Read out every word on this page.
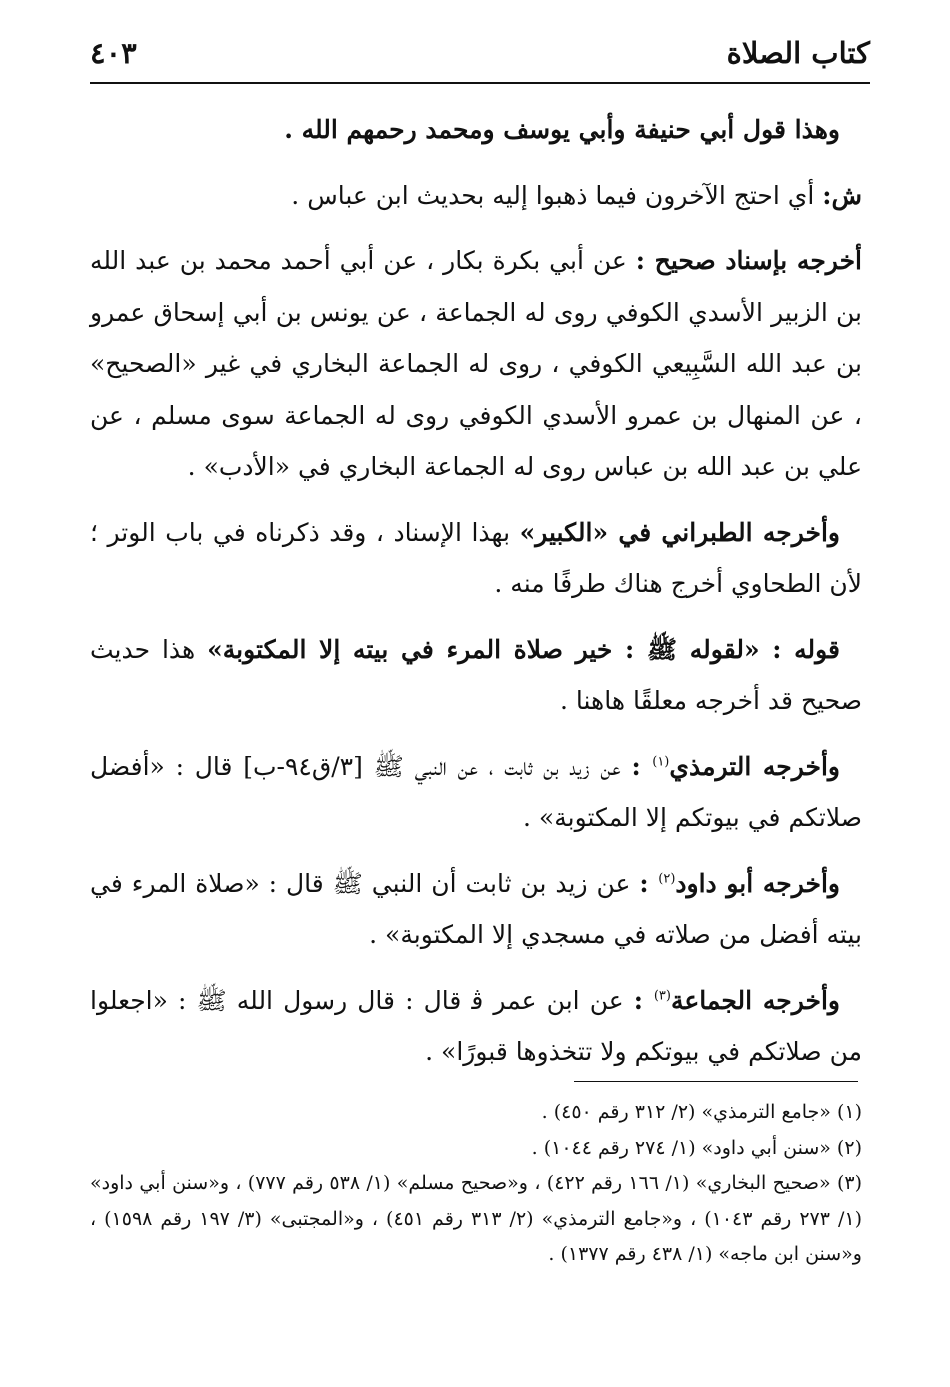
كتاب الصلاة
٤٠٣

وهذا قول أبي حنيفة وأبي يوسف ومحمد رحمهم الله .

ش: أي احتج الآخرون فيما ذهبوا إليه بحديث ابن عباس .

أخرجه بإسناد صحيح : عن أبي بكرة بكار ، عن أبي أحمد محمد بن عبد الله بن الزبير الأسدي الكوفي روى له الجماعة ، عن يونس بن أبي إسحاق عمرو بن عبد الله السَّبِيعي الكوفي ، روى له الجماعة البخاري في غير «الصحيح» ، عن المنهال بن عمرو الأسدي الكوفي روى له الجماعة سوى مسلم ، عن علي بن عبد الله بن عباس روى له الجماعة البخاري في «الأدب» .

وأخرجه الطبراني في «الكبير» بهذا الإسناد ، وقد ذكرناه في باب الوتر ؛ لأن الطحاوي أخرج هناك طرفًا منه .

قوله : «لقوله ﷺ : خير صلاة المرء في بيته إلا المكتوبة» هذا حديث صحيح قد أخرجه معلقًا هاهنا .

وأخرجه الترمذي$^{(١)}$ : عن زيد بن ثابت ، عن النبي ﷺ [٣/ق٩٤-ب] قال : «أفضل صلاتكم في بيوتكم إلا المكتوبة» .

وأخرجه أبو داود$^{(٢)}$ : عن زيد بن ثابت أن النبي ﷺ قال : «صلاة المرء في بيته أفضل من صلاته في مسجدي إلا المكتوبة» .

وأخرجه الجماعة$^{(٣)}$ : عن ابن عمر ﭬ قال : قال رسول الله ﷺ : «اجعلوا من صلاتكم في بيوتكم ولا تتخذوها قبورًا» .

(١) «جامع الترمذي» (٢/ ٣١٢ رقم ٤٥٠) .

(٢) «سنن أبي داود» (١/ ٢٧٤ رقم ١٠٤٤) .

(٣) «صحيح البخاري» (١/ ١٦٦ رقم ٤٢٢) ، و«صحيح مسلم» (١/ ٥٣٨ رقم ٧٧٧) ، و«سنن أبي داود» (١/ ٢٧٣ رقم ١٠٤٣) ، و«جامع الترمذي» (٢/ ٣١٣ رقم ٤٥١) ، و«المجتبى» (٣/ ١٩٧ رقم ١٥٩٨) ، و«سنن ابن ماجه» (١/ ٤٣٨ رقم ١٣٧٧) .
